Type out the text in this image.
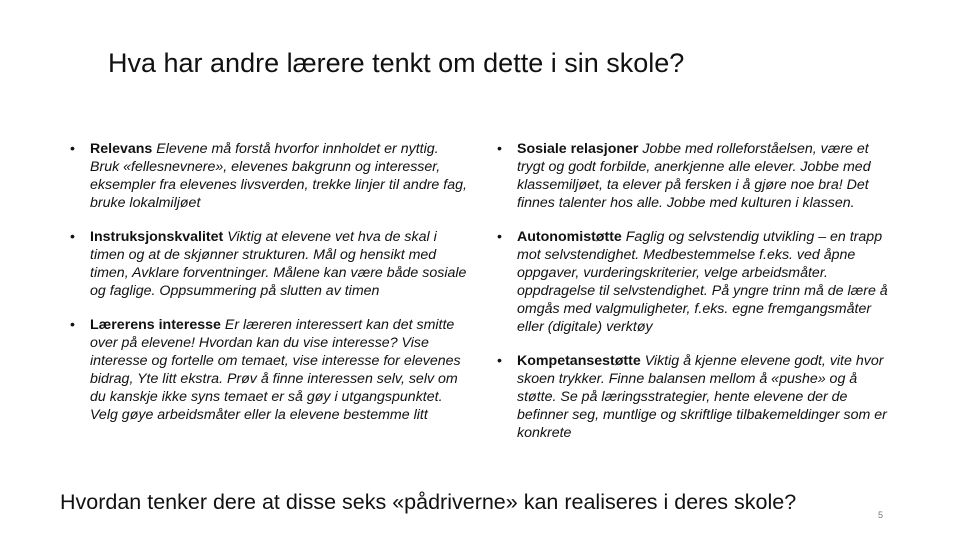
Hva har andre lærere tenkt om dette i sin skole?
• Relevans Elevene må forstå hvorfor innholdet er nyttig. Bruk «fellesnevnere», elevenes bakgrunn og interesser, eksempler fra elevenes livsverden, trekke linjer til andre fag, bruke lokalmiljøet
• Instruksjonskvalitet Viktig at elevene vet hva de skal i timen og at de skjønner strukturen. Mål og hensikt med timen, Avklare forventninger. Målene kan være både sosiale og faglige. Oppsummering på slutten av timen
• Lærerens interesse Er læreren interessert kan det smitte over på elevene! Hvordan kan du vise interesse? Vise interesse og fortelle om temaet, vise interesse for elevenes bidrag, Yte litt ekstra. Prøv å finne interessen selv, selv om du kanskje ikke syns temaet er så gøy i utgangspunktet. Velg gøye arbeidsmåter eller la elevene bestemme litt
• Sosiale relasjoner Jobbe med rolleforståelsen, være et trygt og godt forbilde, anerkjenne alle elever. Jobbe med klassemiljøet, ta elever på fersken i å gjøre noe bra! Det finnes talenter hos alle. Jobbe med kulturen i klassen.
• Autonomistøtte Faglig og selvstendig utvikling – en trapp mot selvstendighet. Medbestemmelse f.eks. ved åpne oppgaver, vurderingskriterier, velge arbeidsmåter. oppdragelse til selvstendighet. På yngre trinn må de lære å omgås med valgmuligheter, f.eks. egne fremgangsmåter eller (digitale) verktøy
• Kompetansestøtte Viktig å kjenne elevene godt, vite hvor skoen trykker. Finne balansen mellom å «pushe» og å støtte. Se på læringsstrategier, hente elevene der de befinner seg, muntlige og skriftlige tilbakemeldinger som er konkrete
Hvordan tenker dere at disse seks «pådriverne» kan realiseres i deres skole?
5
